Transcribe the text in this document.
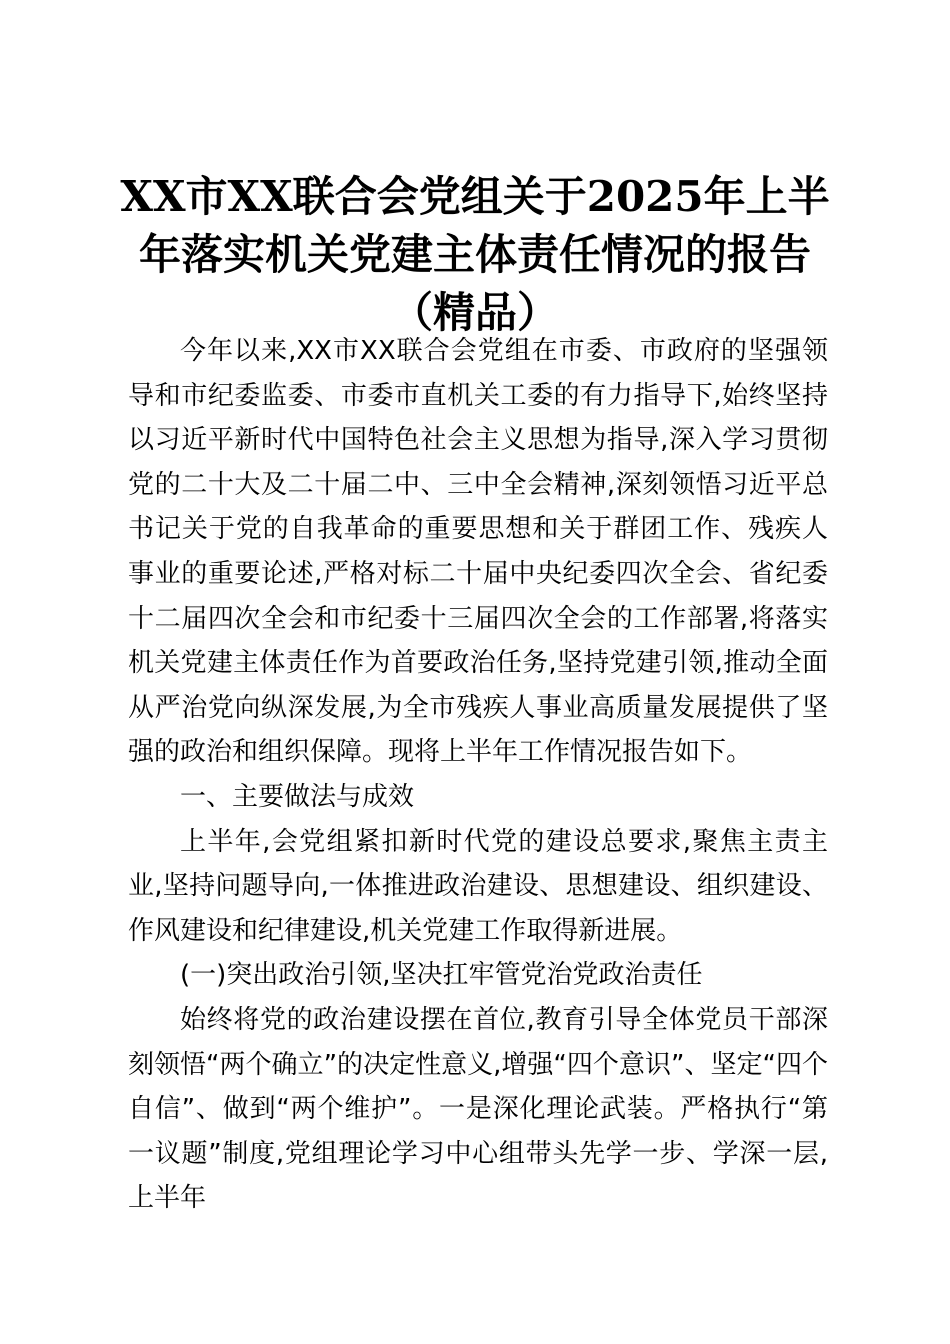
XX市XX联合会党组关于2025年上半年落实机关党建主体责任情况的报告（精品）

今年以来,XX市XX联合会党组在市委、市政府的坚强领导和市纪委监委、市委市直机关工委的有力指导下,始终坚持以习近平新时代中国特色社会主义思想为指导,深入学习贯彻党的二十大及二十届二中、三中全会精神,深刻领悟习近平总书记关于党的自我革命的重要思想和关于群团工作、残疾人事业的重要论述,严格对标二十届中央纪委四次全会、省纪委十二届四次全会和市纪委十三届四次全会的工作部署,将落实机关党建主体责任作为首要政治任务,坚持党建引领,推动全面从严治党向纵深发展,为全市残疾人事业高质量发展提供了坚强的政治和组织保障。现将上半年工作情况报告如下。

一、主要做法与成效

上半年,会党组紧扣新时代党的建设总要求,聚焦主责主业,坚持问题导向,一体推进政治建设、思想建设、组织建设、作风建设和纪律建设,机关党建工作取得新进展。

(一)突出政治引领,坚决扛牢管党治党政治责任

始终将党的政治建设摆在首位,教育引导全体党员干部深刻领悟“两个确立”的决定性意义,增强“四个意识”、坚定“四个自信”、做到“两个维护”。一是深化理论武装。严格执行“第一议题”制度,党组理论学习中心组带头先学一步、学深一层,上半年
